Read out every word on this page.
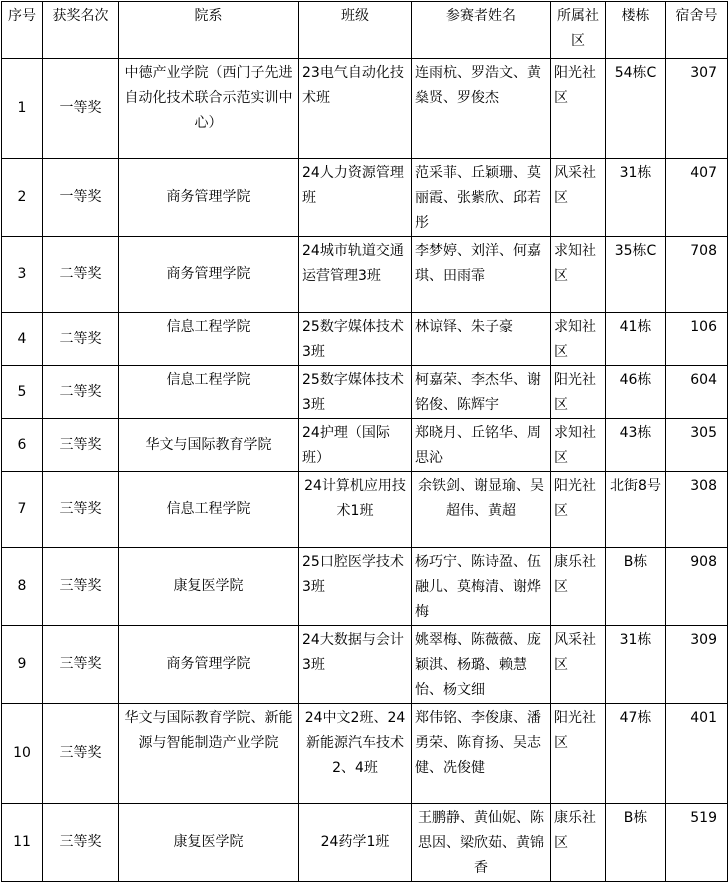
序号	获奖名次	院系	班级	参赛者姓名	所属社区	楼栋	宿舍号
1	一等奖	中德产业学院（西门子先进自动化技术联合示范实训中心）	23电气自动化技术班	连雨杭、罗浩文、黄燊贤、罗俊杰	阳光社区	54栋C	307
2	一等奖	商务管理学院	24人力资源管理班	范采菲、丘颖珊、莫丽霞、张紫欣、邱若彤	风采社区	31栋	407
3	二等奖	商务管理学院	24城市轨道交通运营管理3班	李梦婷、刘洋、何嘉琪、田雨霏	求知社区	35栋C	708
4	二等奖	信息工程学院	25数字媒体技术3班	林谅铎、朱子豪	求知社区	41栋	106
5	二等奖	信息工程学院	25数字媒体技术3班	柯嘉荣、李杰华、谢铭俊、陈辉宇	阳光社区	46栋	604
6	三等奖	华文与国际教育学院	24护理（国际班）	郑晓月、丘铭华、周思沁	求知社区	43栋	305
7	三等奖	信息工程学院	24计算机应用技术1班	余铁剑、谢显瑜、吴超伟、黄超	阳光社区	北街8号	308
8	三等奖	康复医学院	25口腔医学技术3班	杨巧宁、陈诗盈、伍融儿、莫梅清、谢烨梅	康乐社区	B栋	908
9	三等奖	商务管理学院	24大数据与会计3班	姚翠梅、陈薇薇、庞颖淇、杨璐、赖慧怡、杨文细	风采社区	31栋	309
10	三等奖	华文与国际教育学院、新能源与智能制造产业学院	24中文2班、24新能源汽车技术2、4班	郑伟铭、李俊康、潘勇荣、陈育扬、吴志健、冼俊健	阳光社区	47栋	401
11	三等奖	康复医学院	24药学1班	王鹏静、黄仙妮、陈思因、梁欣茹、黄锦香	康乐社区	B栋	519
